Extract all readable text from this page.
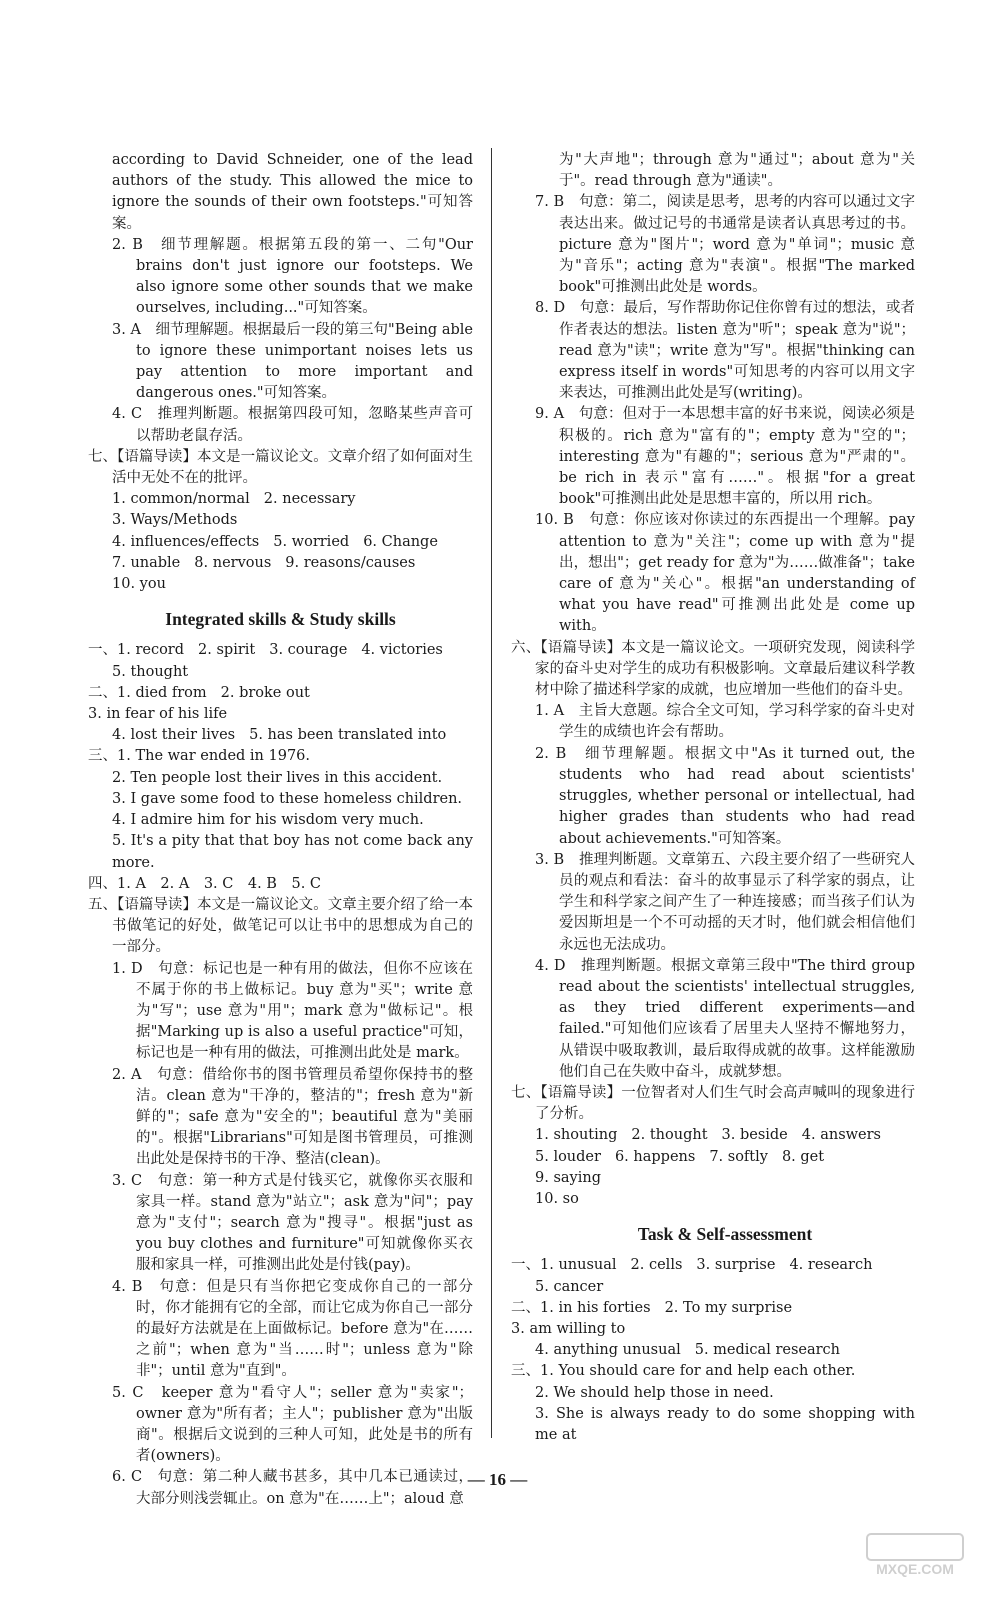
according to David Schneider, one of the lead authors of the study. This allowed the mice to ignore the sounds of their own footsteps."可知答案。

2. B　细节理解题。根据第五段的第一、二句"Our brains don't just ignore our footsteps. We also ignore some other sounds that we make ourselves, including..."可知答案。

3. A　细节理解题。根据最后一段的第三句"Being able to ignore these unimportant noises lets us pay attention to more important and dangerous ones."可知答案。

4. C　推理判断题。根据第四段可知，忽略某些声音可以帮助老鼠存活。

七、【语篇导读】本文是一篇议论文。文章介绍了如何面对生活中无处不在的批评。

1. common/normal 2. necessary
3. Ways/Methods
4. influences/effects 5. worried 6. Change
7. unable 8. nervous 9. reasons/causes
10. you
Integrated skills & Study skills
一、1. record 2. spirit 3. courage 4. victories
5. thought
二、1. died from 2. broke out
3. in fear of his life
4. lost their lives 5. has been translated into

三、1. The war ended in 1976.

2. Ten people lost their lives in this accident.

3. I gave some food to these homeless children.

4. I admire him for his wisdom very much.

5. It's a pity that that boy has not come back any more.

四、1. A　2. A　3. C　4. B　5. C

五、【语篇导读】本文是一篇议论文。文章主要介绍了给一本书做笔记的好处，做笔记可以让书中的思想成为自己的一部分。

1. D　句意：标记也是一种有用的做法，但你不应该在不属于你的书上做标记。buy 意为"买"；write 意为"写"；use 意为"用"；mark 意为"做标记"。根据"Marking up is also a useful practice"可知，标记也是一种有用的做法，可推测出此处是 mark。

2. A　句意：借给你书的图书管理员希望你保持书的整洁。clean 意为"干净的，整洁的"；fresh 意为"新鲜的"；safe 意为"安全的"；beautiful 意为"美丽的"。根据"Librarians"可知是图书管理员，可推测出此处是保持书的干净、整洁(clean)。

3. C　句意：第一种方式是付钱买它，就像你买衣服和家具一样。stand 意为"站立"；ask 意为"问"；pay 意为"支付"；search 意为"搜寻"。根据"just as you buy clothes and furniture"可知就像你买衣服和家具一样，可推测出此处是付钱(pay)。

4. B　句意：但是只有当你把它变成你自己的一部分时，你才能拥有它的全部，而让它成为你自己一部分的最好方法就是在上面做标记。before 意为"在……之前"；when 意为"当……时"；unless 意为"除非"；until 意为"直到"。

5. C　keeper 意为"看守人"；seller 意为"卖家"；owner 意为"所有者；主人"；publisher 意为"出版商"。根据后文说到的三种人可知，此处是书的所有者(owners)。

6. C　句意：第二种人藏书甚多，其中几本已通读过，大部分则浅尝辄止。on 意为"在……上"；aloud 意

为"大声地"；through 意为"通过"；about 意为"关于"。read through 意为"通读"。

7. B　句意：第二，阅读是思考，思考的内容可以通过文字表达出来。做过记号的书通常是读者认真思考过的书。picture 意为"图片"；word 意为"单词"；music 意为"音乐"；acting 意为"表演"。根据"The marked book"可推测出此处是 words。

8. D　句意：最后，写作帮助你记住你曾有过的想法，或者作者表达的想法。listen 意为"听"；speak 意为"说"；read 意为"读"；write 意为"写"。根据"thinking can express itself in words"可知思考的内容可以用文字来表达，可推测出此处是写(writing)。

9. A　句意：但对于一本思想丰富的好书来说，阅读必须是积极的。rich 意为"富有的"；empty 意为"空的"；interesting 意为"有趣的"；serious 意为"严肃的"。be rich in 表示"富有……"。根据"for a great book"可推测出此处是思想丰富的，所以用 rich。

10. B　句意：你应该对你读过的东西提出一个理解。pay attention to 意为"关注"；come up with 意为"提出，想出"；get ready for 意为"为……做准备"；take care of 意为"关心"。根据"an understanding of what you have read"可推测出此处是 come up with。

六、【语篇导读】本文是一篇议论文。一项研究发现，阅读科学家的奋斗史对学生的成功有积极影响。文章最后建议科学教材中除了描述科学家的成就，也应增加一些他们的奋斗史。

1. A　主旨大意题。综合全文可知，学习科学家的奋斗史对学生的成绩也许会有帮助。

2. B　细节理解题。根据文中"As it turned out, the students who had read about scientists' struggles, whether personal or intellectual, had higher grades than students who had read about achievements."可知答案。

3. B　推理判断题。文章第五、六段主要介绍了一些研究人员的观点和看法：奋斗的故事显示了科学家的弱点，让学生和科学家之间产生了一种连接感；而当孩子们认为爱因斯坦是一个不可动摇的天才时，他们就会相信他们永远也无法成功。

4. D　推理判断题。根据文章第三段中"The third group read about the scientists' intellectual struggles, as they tried different experiments—and failed."可知他们应该看了居里夫人坚持不懈地努力，从错误中吸取教训，最后取得成就的故事。这样能激励他们自己在失败中奋斗，成就梦想。

七、【语篇导读】一位智者对人们生气时会高声喊叫的现象进行了分析。

1. shouting 2. thought 3. beside 4. answers
5. louder 6. happens 7. softly 8. get
9. saying
10. so
Task & Self-assessment
一、1. unusual 2. cells 3. surprise 4. research
5. cancer
二、1. in his forties 2. To my surprise
3. am willing to
4. anything unusual 5. medical research

三、1. You should care for and help each other.

2. We should help those in need.

3. She is always ready to do some shopping with me at

— 16 —
MXQE.COM
